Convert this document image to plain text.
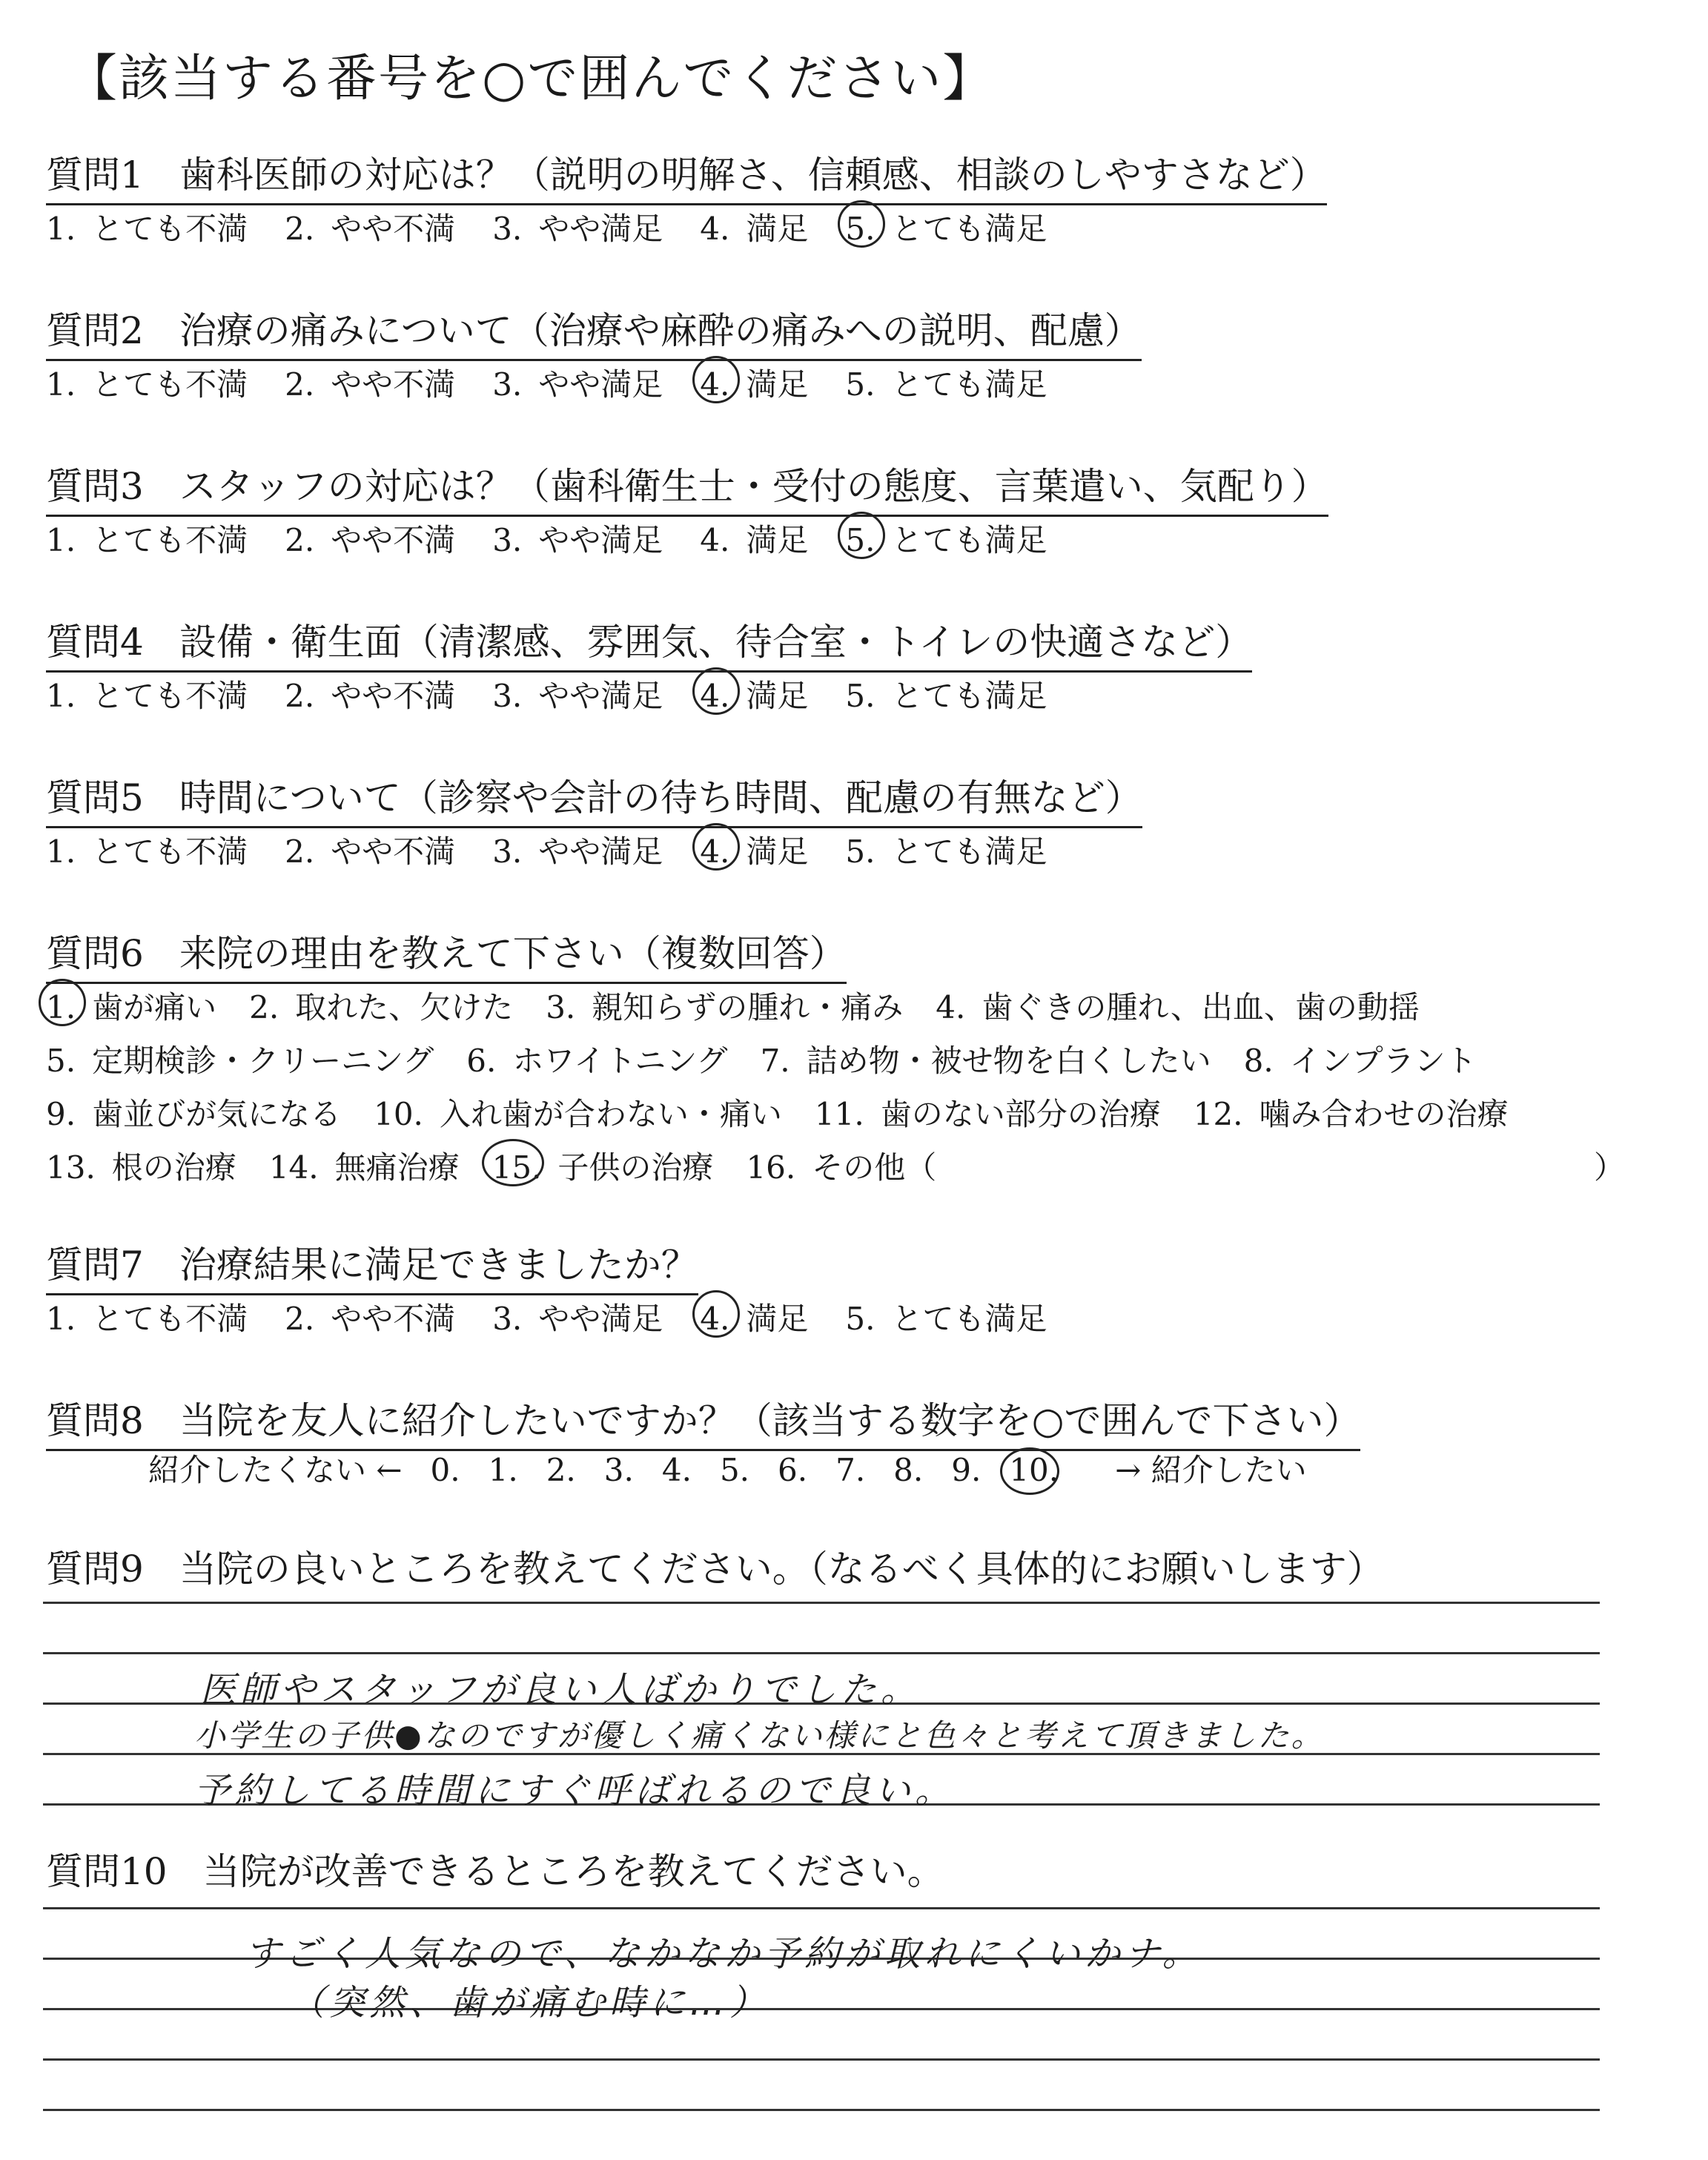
【該当する番号を○で囲んでください】
質問1 歯科医師の対応は？（説明の明解さ、信頼感、相談のしやすさなど）
1. とても不満 2. やや不満 3. やや満足 4. 満足 5. とても満足
質問2 治療の痛みについて（治療や麻酔の痛みへの説明、配慮）
1. とても不満 2. やや不満 3. やや満足 4. 満足 5. とても満足
質問3 スタッフの対応は？（歯科衛生士・受付の態度、言葉遣い、気配り）
1. とても不満 2. やや不満 3. やや満足 4. 満足 5. とても満足
質問4 設備・衛生面（清潔感、雰囲気、待合室・トイレの快適さなど）
1. とても不満 2. やや不満 3. やや満足 4. 満足 5. とても満足
質問5 時間について（診察や会計の待ち時間、配慮の有無など）
1. とても不満 2. やや不満 3. やや満足 4. 満足 5. とても満足
質問6 来院の理由を教えて下さい（複数回答）
1. 歯が痛い 2. 取れた、欠けた 3. 親知らずの腫れ・痛み 4. 歯ぐきの腫れ、出血、歯の動揺
5. 定期検診・クリーニング 6. ホワイトニング 7. 詰め物・被せ物を白くしたい 8. インプラント
9. 歯並びが気になる 10. 入れ歯が合わない・痛い 11. 歯のない部分の治療 12. 噛み合わせの治療
13. 根の治療 14. 無痛治療 15. 子供の治療 16. その他（	）
質問7 治療結果に満足できましたか？
1. とても不満 2. やや不満 3. やや満足 4. 満足 5. とても満足
質問8 当院を友人に紹介したいですか？（該当する数字を○で囲んで下さい）
紹介したくない ← 0. 1. 2. 3. 4. 5. 6. 7. 8. 9. 10. → 紹介したい
質問9 当院の良いところを教えてください。（なるべく具体的にお願いします）
医師やスタッフが良い人ばかりでした。
小学生の子供●なのですが優しく痛くない様にと色々と考えて頂きました。
予約してる時間にすぐ呼ばれるので良い。
質問10 当院が改善できるところを教えてください。
すごく人気なので、なかなか予約が取れにくいかナ。
（突然、歯が痛む時に…）
